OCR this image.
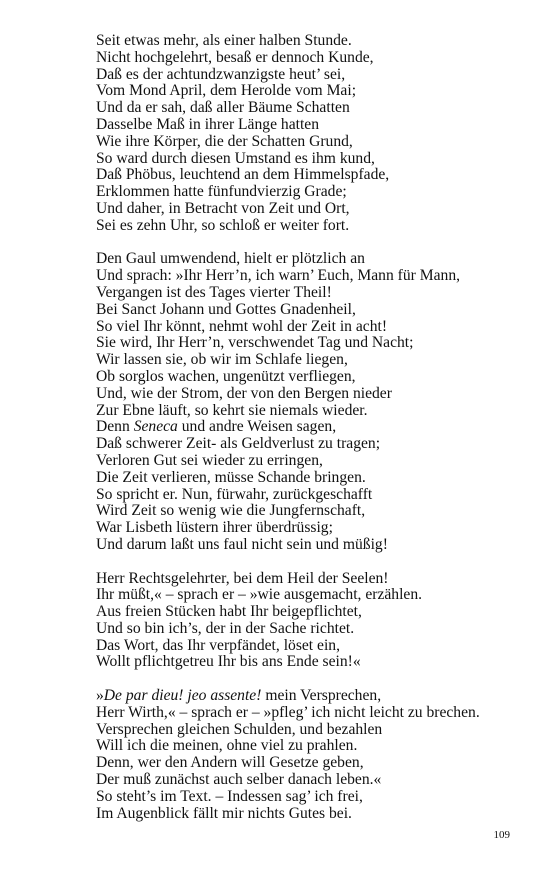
Seit etwas mehr, als einer halben Stunde.
Nicht hochgelehrt, besaß er dennoch Kunde,
Daß es der achtundzwanzigste heut’ sei,
Vom Mond April, dem Herolde vom Mai;
Und da er sah, daß aller Bäume Schatten
Dasselbe Maß in ihrer Länge hatten
Wie ihre Körper, die der Schatten Grund,
So ward durch diesen Umstand es ihm kund,
Daß Phöbus, leuchtend an dem Himmelspfade,
Erklommen hatte fünfundvierzig Grade;
Und daher, in Betracht von Zeit und Ort,
Sei es zehn Uhr, so schloß er weiter fort.
Den Gaul umwendend, hielt er plötzlich an
Und sprach: »Ihr Herr’n, ich warn’ Euch, Mann für Mann,
Vergangen ist des Tages vierter Theil!
Bei Sanct Johann und Gottes Gnadenheil,
So viel Ihr könnt, nehmt wohl der Zeit in acht!
Sie wird, Ihr Herr’n, verschwendet Tag und Nacht;
Wir lassen sie, ob wir im Schlafe liegen,
Ob sorglos wachen, ungenützt verfliegen,
Und, wie der Strom, der von den Bergen nieder
Zur Ebne läuft, so kehrt sie niemals wieder.
Denn Seneca und andre Weisen sagen,
Daß schwerer Zeit- als Geldverlust zu tragen;
Verloren Gut sei wieder zu erringen,
Die Zeit verlieren, müsse Schande bringen.
So spricht er. Nun, fürwahr, zurückgeschafft
Wird Zeit so wenig wie die Jungfernschaft,
War Lisbeth lüstern ihrer überdrüssig;
Und darum laßt uns faul nicht sein und müßig!
Herr Rechtsgelehrter, bei dem Heil der Seelen!
Ihr müßt,« – sprach er – »wie ausgemacht, erzählen.
Aus freien Stücken habt Ihr beigepflichtet,
Und so bin ich’s, der in der Sache richtet.
Das Wort, das Ihr verpfändet, löset ein,
Wollt pflichtgetreu Ihr bis ans Ende sein!«
»De par dieu! jeo assente! mein Versprechen,
Herr Wirth,« – sprach er – »pfleg’ ich nicht leicht zu brechen.
Versprechen gleichen Schulden, und bezahlen
Will ich die meinen, ohne viel zu prahlen.
Denn, wer den Andern will Gesetze geben,
Der muß zunächst auch selber danach leben.«
So steht’s im Text. – Indessen sag’ ich frei,
Im Augenblick fällt mir nichts Gutes bei.
109
